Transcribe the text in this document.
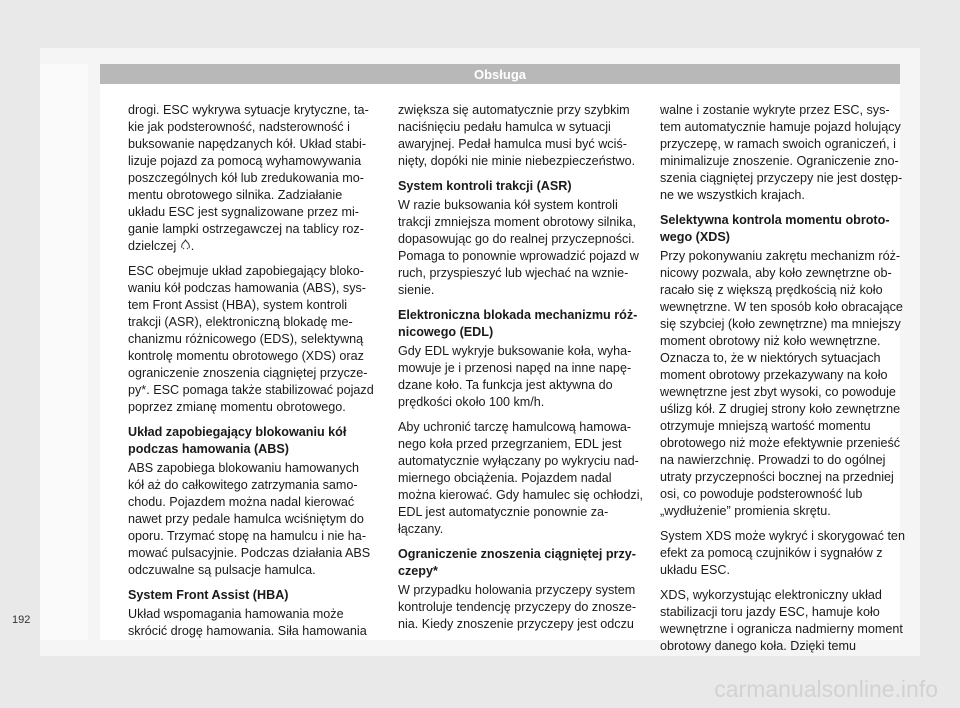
Obsługa

drogi. ESC wykrywa sytuacje krytyczne, takie jak podsterowność, nadsterowność i buksowanie napędzanych kół. Układ stabilizuje pojazd za pomocą wyhamowywania poszczególnych kół lub zredukowania momentu obrotowego silnika. Zadziałanie układu ESC jest sygnalizowane przez miganie lampki ostrzegawczej na tablicy rozdzielczej .

ESC obejmuje układ zapobiegający blokowaniu kół podczas hamowania (ABS), system Front Assist (HBA), system kontroli trakcji (ASR), elektroniczną blokadę mechanizmu różnicowego (EDS), selektywną kontrolę momentu obrotowego (XDS) oraz ograniczenie znoszenia ciągniętej przyczepy*. ESC pomaga także stabilizować pojazd poprzez zmianę momentu obrotowego.

Układ zapobiegający blokowaniu kół podczas hamowania (ABS)

ABS zapobiega blokowaniu hamowanych kół aż do całkowitego zatrzymania samochodu. Pojazdem można nadal kierować nawet przy pedale hamulca wciśniętym do oporu. Trzymać stopę na hamulcu i nie hamować pulsacyjnie. Podczas działania ABS odczuwalne są pulsacje hamulca.

System Front Assist (HBA)

Układ wspomagania hamowania może skrócić drogę hamowania. Siła hamowania

zwiększa się automatycznie przy szybkim naciśnięciu pedału hamulca w sytuacji awaryjnej. Pedał hamulca musi być wciśnięty, dopóki nie minie niebezpieczeństwo.

System kontroli trakcji (ASR)

W razie buksowania kół system kontroli trakcji zmniejsza moment obrotowy silnika, dopasowując go do realnej przyczepności. Pomaga to ponownie wprowadzić pojazd w ruch, przyspieszyć lub wjechać na wzniesienie.

Elektroniczna blokada mechanizmu różnicowego (EDL)

Gdy EDL wykryje buksowanie koła, wyhamowuje je i przenosi napęd na inne napędzane koło. Ta funkcja jest aktywna do prędkości około 100 km/h.

Aby uchronić tarczę hamulcową hamowanego koła przed przegrzaniem, EDL jest automatycznie wyłączany po wykryciu nadmiernego obciążenia. Pojazdem nadal można kierować. Gdy hamulec się ochłodzi, EDL jest automatycznie ponownie załączany.

Ograniczenie znoszenia ciągniętej przyczepy*

W przypadku holowania przyczepy system kontroluje tendencję przyczepy do znoszenia. Kiedy znoszenie przyczepy jest odczu

walne i zostanie wykryte przez ESC, system automatycznie hamuje pojazd holujący przyczepę, w ramach swoich ograniczeń, i minimalizuje znoszenie. Ograniczenie znoszenia ciągniętej przyczepy nie jest dostępne we wszystkich krajach.

Selektywna kontrola momentu obrotowego (XDS)

Przy pokonywaniu zakrętu mechanizm różnicowy pozwala, aby koło zewnętrzne obracało się z większą prędkością niż koło wewnętrzne. W ten sposób koło obracające się szybciej (koło zewnętrzne) ma mniejszy moment obrotowy niż koło wewnętrzne. Oznacza to, że w niektórych sytuacjach moment obrotowy przekazywany na koło wewnętrzne jest zbyt wysoki, co powoduje uślizg kół. Z drugiej strony koło zewnętrzne otrzymuje mniejszą wartość momentu obrotowego niż może efektywnie przenieść na nawierzchnię. Prowadzi to do ogólnej utraty przyczepności bocznej na przedniej osi, co powoduje podsterowność lub „wydłużenie” promienia skrętu.

System XDS może wykryć i skorygować ten efekt za pomocą czujników i sygnałów z układu ESC.

XDS, wykorzystując elektroniczny układ stabilizacji toru jazdy ESC, hamuje koło wewnętrzne i ogranicza nadmierny moment obrotowy danego koła. Dzięki temu

192
carmanualsonline.info
